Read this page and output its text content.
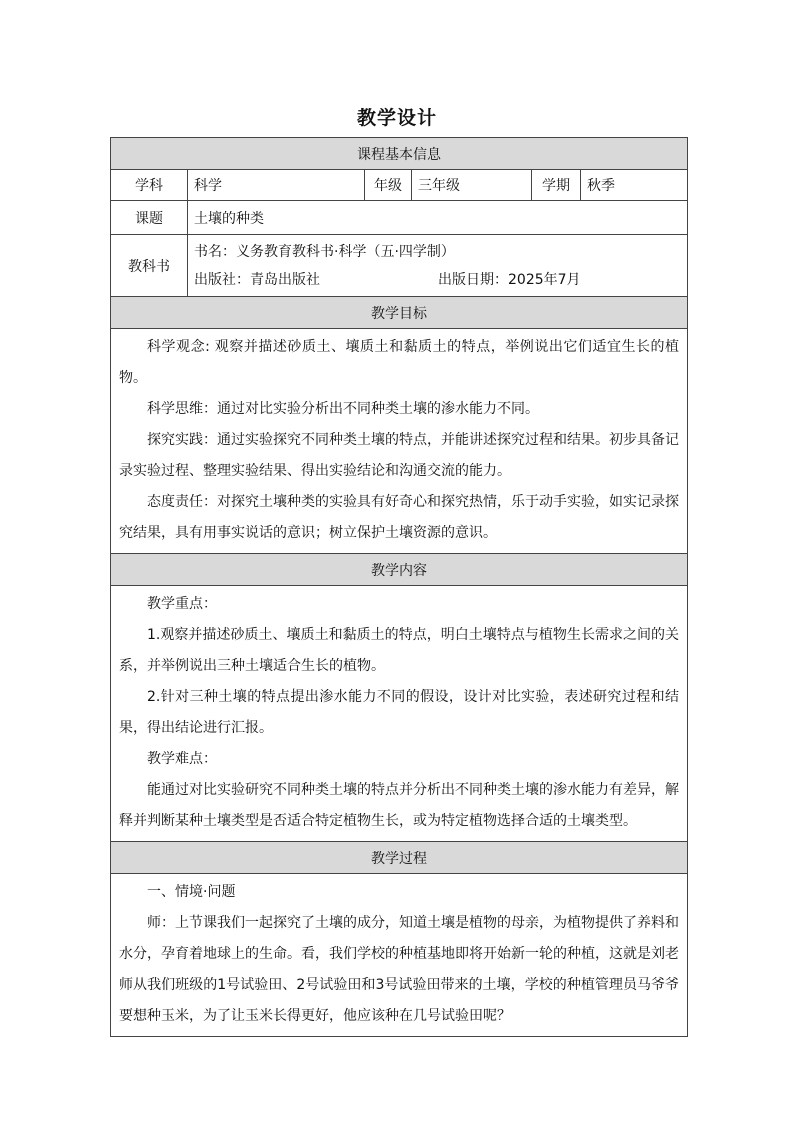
教学设计
课程基本信息					
学科	科学	年级	三年级	学期	秋季
课题	土壤的种类				
教科书	书名：义务教育教科书·科学（五·四学制）
出版社：青岛出版社 出版日期：2025年7月				

教学目标					

科学观念: 观察并描述砂质土、壤质土和黏质土的特点，举例说出它们适宜生长的植物。

科学思维：通过对比实验分析出不同种类土壤的渗水能力不同。

探究实践：通过实验探究不同种类土壤的特点，并能讲述探究过程和结果。初步具备记录实验过程、整理实验结果、得出实验结论和沟通交流的能力。

态度责任：对探究土壤种类的实验具有好奇心和探究热情，乐于动手实验，如实记录探究结果，具有用事实说话的意识；树立保护土壤资源的意识。					

教学内容					

教学重点：

1.观察并描述砂质土、壤质土和黏质土的特点，明白土壤特点与植物生长需求之间的关系，并举例说出三种土壤适合生长的植物。

2.针对三种土壤的特点提出渗水能力不同的假设，设计对比实验，表述研究过程和结果，得出结论进行汇报。

教学难点：

能通过对比实验研究不同种类土壤的特点并分析出不同种类土壤的渗水能力有差异，解释并判断某种土壤类型是否适合特定植物生长，或为特定植物选择合适的土壤类型。					

教学过程					

一、情境·问题

师：上节课我们一起探究了土壤的成分，知道土壤是植物的母亲，为植物提供了养料和水分，孕育着地球上的生命。看，我们学校的种植基地即将开始新一轮的种植，这就是刘老师从我们班级的1号试验田、2号试验田和3号试验田带来的土壤，学校的种植管理员马爷爷要想种玉米，为了让玉米长得更好，他应该种在几号试验田呢？					
